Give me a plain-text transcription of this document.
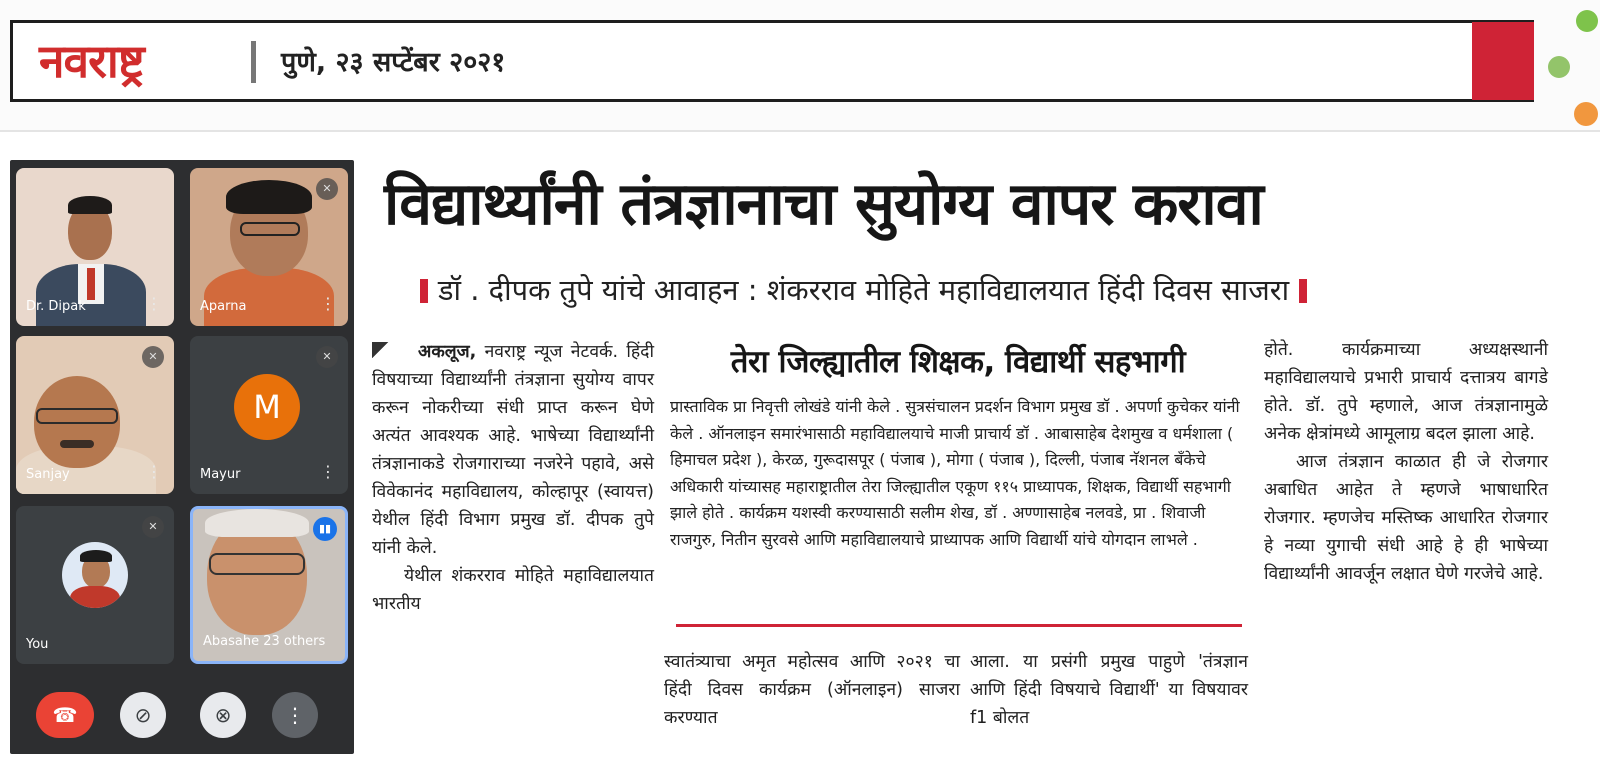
नवराष्ट्र	पुणे, २३ सप्टेंबर २०२१
Dr. Dipak	⋮
✕
Aparna	⋮
✕
Sanjay	⋮
M
✕
Mayur	⋮
✕
You
▮▮
Abasahe 23 others
☎	⊘	⊗	⋮
विद्यार्थ्यांनी तंत्रज्ञानाचा सुयोग्य वापर करावा
डॉ . दीपक तुपे यांचे आवाहन : शंकरराव मोहिते महाविद्यालयात हिंदी दिवस साजरा

अकलूज, नवराष्ट्र न्यूज नेटवर्क. हिंदी विषयाच्या विद्यार्थ्यांनी तंत्रज्ञाना सुयोग्य वापर करून नोकरीच्या संधी प्राप्त करून घेणे अत्यंत आवश्यक आहे. भाषेच्या विद्यार्थ्यांनी तंत्रज्ञानाकडे रोजगाराच्या नजरेने पहावे, असे विवेकानंद महाविद्यालय, कोल्हापूर (स्वायत्त) येथील हिंदी विभाग प्रमुख डॉ. दीपक तुपे यांनी केले.

येथील शंकरराव मोहिते महाविद्यालयात भारतीय

तेरा जिल्ह्यातील शिक्षक, विद्यार्थी सहभागी
प्रास्ताविक प्रा निवृत्ती लोखंडे यांनी केले . सुत्रसंचालन प्रदर्शन विभाग प्रमुख डॉ . अपर्णा कुचेकर यांनी केले . ऑनलाइन समारंभासाठी महाविद्यालयाचे माजी प्राचार्य डॉ . आबासाहेब देशमुख व धर्मशाला ( हिमाचल प्रदेश ), केरळ, गुरूदासपूर ( पंजाब ), मोगा ( पंजाब ), दिल्ली, पंजाब नॅशनल बँकेचे अधिकारी यांच्यासह महाराष्ट्रातील तेरा जिल्ह्यातील एकूण ११५ प्राध्यापक, शिक्षक, विद्यार्थी सहभागी झाले होते . कार्यक्रम यशस्वी करण्यासाठी सलीम शेख, डॉ . अण्णासाहेब नलवडे, प्रा . शिवाजी राजगुरु, नितीन सुरवसे आणि महाविद्यालयाचे प्राध्यापक आणि विद्यार्थी यांचे योगदान लाभले .

स्वातंत्र्याचा अमृत महोत्सव आणि २०२१ चा हिंदी दिवस कार्यक्रम (ऑनलाइन) साजरा करण्यात

आला. या प्रसंगी प्रमुख पाहुणे 'तंत्रज्ञान आणि हिंदी विषयाचे विद्यार्थी' या विषयावर f1 बोलत

होते. कार्यक्रमाच्या अध्यक्षस्थानी महाविद्यालयाचे प्रभारी प्राचार्य दत्तात्रय बागडे होते. डॉ. तुपे म्हणाले, आज तंत्रज्ञानामुळे अनेक क्षेत्रांमध्ये आमूलाग्र बदल झाला आहे.

आज तंत्रज्ञान काळात ही जे रोजगार अबाधित आहेत ते म्हणजे भाषाधारित रोजगार. म्हणजेच मस्तिष्क आधारित रोजगार हे नव्या युगाची संधी आहे हे ही भाषेच्या विद्यार्थ्यांनी आवर्जून लक्षात घेणे गरजेचे आहे.
